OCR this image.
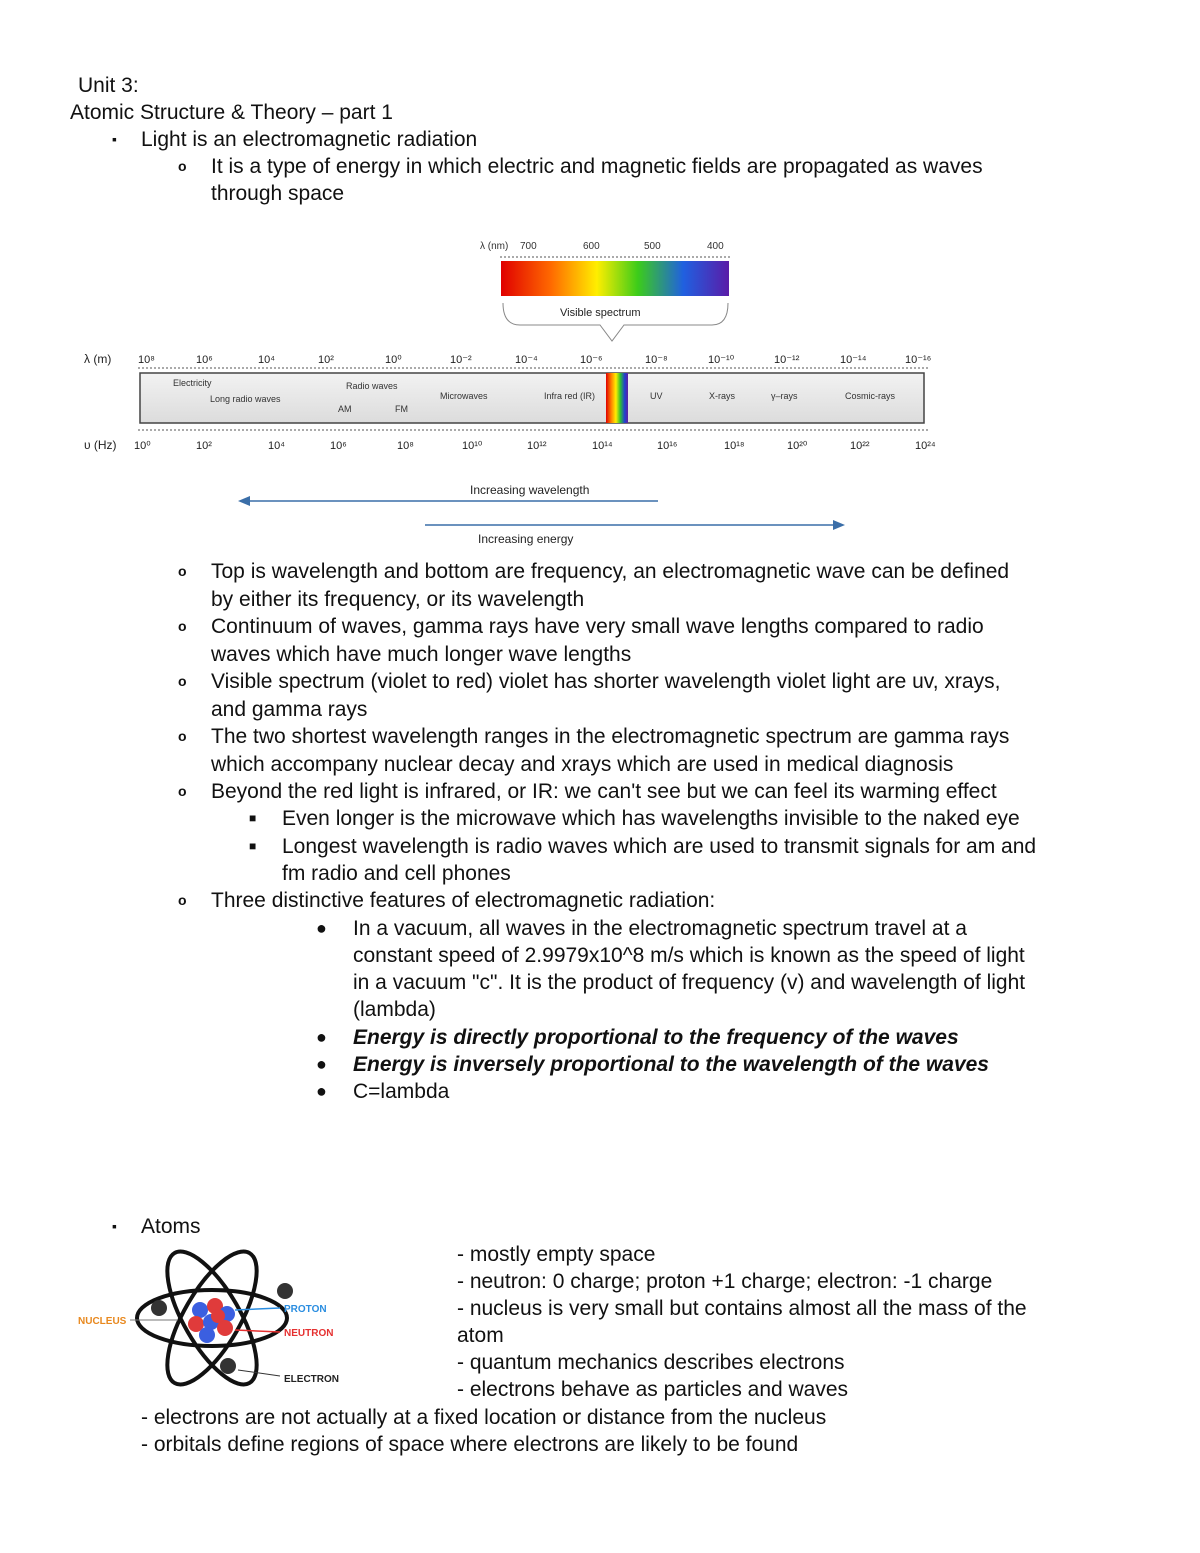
Unit 3:
Atomic Structure & Theory – part 1
▪ Light is an electromagnetic radiation
o It is a type of energy in which electric and magnetic fields are propagated as waves
through space
λ (nm) 700	600	500	400
Visible spectrum
λ (m) 10⁸	10⁶	10⁴	10²	10⁰	10⁻²	10⁻⁴	10⁻⁶	10⁻⁸	10⁻¹⁰	10⁻¹²	10⁻¹⁴	10⁻¹⁶
Electricity
Long radio waves
Radio waves
AM	FM
Microwaves	Infra red (IR)	UV	X-rays	γ–rays	Cosmic-rays
υ (Hz) 10⁰	10²	10⁴	10⁶	10⁸	10¹⁰	10¹²	10¹⁴	10¹⁶	10¹⁸	10²⁰	10²²	10²⁴
Increasing wavelength
Increasing energy
o Top is wavelength and bottom are frequency, an electromagnetic wave can be defined
by either its frequency, or its wavelength
o Continuum of waves, gamma rays have very small wave lengths compared to radio
waves which have much longer wave lengths
o Visible spectrum (violet to red) violet has shorter wavelength violet light are uv, xrays,
and gamma rays
o The two shortest wavelength ranges in the electromagnetic spectrum are gamma rays
which accompany nuclear decay and xrays which are used in medical diagnosis
o Beyond the red light is infrared, or IR: we can't see but we can feel its warming effect
■ Even longer is the microwave which has wavelengths invisible to the naked eye
■ Longest wavelength is radio waves which are used to transmit signals for am and
fm radio and cell phones
o Three distinctive features of electromagnetic radiation:
● In a vacuum, all waves in the electromagnetic spectrum travel at a
constant speed of 2.9979x10^8 m/s which is known as the speed of light
in a vacuum "c". It is the product of frequency (v) and wavelength of light
(lambda)
● Energy is directly proportional to the frequency of the waves
● Energy is inversely proportional to the wavelength of the waves
● C=lambda
▪ Atoms
NUCLEUS
PROTON
NEUTRON
ELECTRON
- mostly empty space
- neutron: 0 charge; proton +1 charge; electron: -1 charge
- nucleus is very small but contains almost all the mass of the
atom
- quantum mechanics describes electrons
- electrons behave as particles and waves
- electrons are not actually at a fixed location or distance from the nucleus
- orbitals define regions of space where electrons are likely to be found
